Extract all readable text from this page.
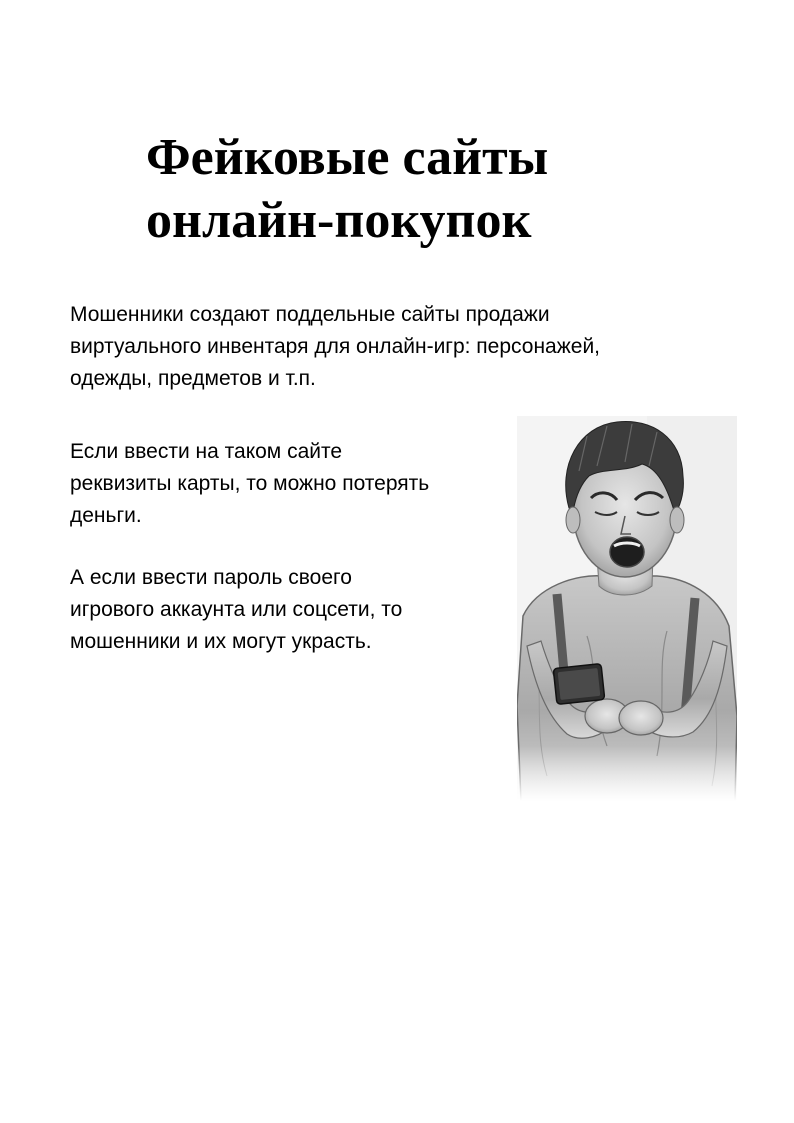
Фейковые сайты
онлайн-покупок

Мошенники создают поддельные сайты продажи
виртуального инвентаря для онлайн-игр: персонажей,
одежды, предметов и т.п.

Если ввести на таком сайте
реквизиты карты, то можно потерять
деньги.

А если ввести пароль своего
игрового аккаунта или соцсети, то
мошенники и их могут украсть.
